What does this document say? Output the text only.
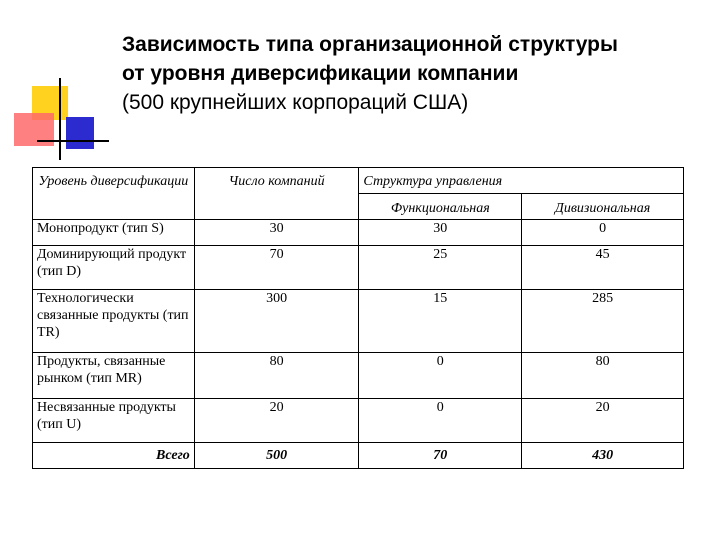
Зависимость типа организационной структуры
от уровня диверсификации компании
(500 крупнейших корпораций США)
Уровень диверсификации	Число компаний	Структура управления	
		Функциональная	Дивизиональная
Монопродукт (тип S)	30	30	0
Доминирующий продукт (тип D)	70	25	45
Технологически связанные продукты (тип TR)	300	15	285
Продукты, связанные рынком (тип MR)	80	0	80
Несвязанные продукты (тип U)	20	0	20
Всего	500	70	430
